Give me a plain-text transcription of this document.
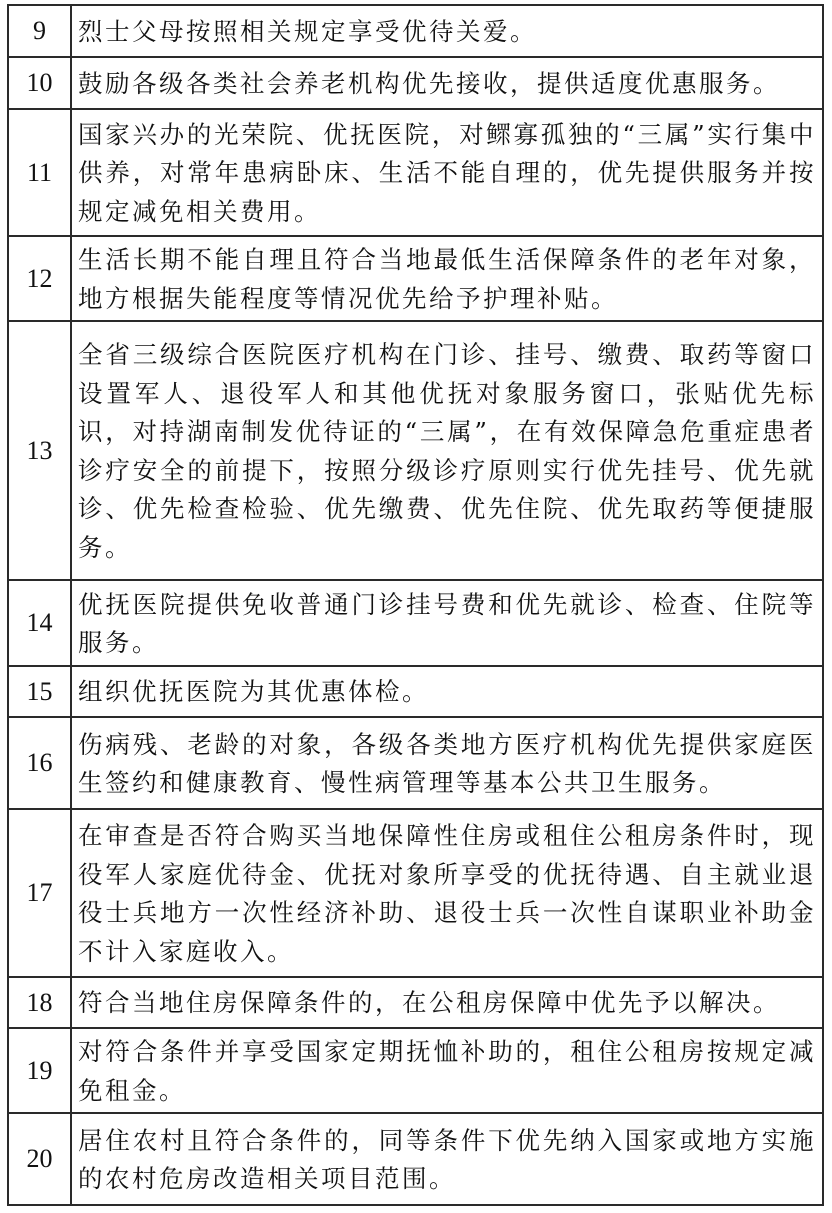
9	烈士父母按照相关规定享受优待关爱。
10	鼓励各级各类社会养老机构优先接收，提供适度优惠服务。
11	国家兴办的光荣院、优抚医院，对鳏寡孤独的“三属”实行集中供养，对常年患病卧床、生活不能自理的，优先提供服务并按规定减免相关费用。
12	生活长期不能自理且符合当地最低生活保障条件的老年对象，地方根据失能程度等情况优先给予护理补贴。
13	全省三级综合医院医疗机构在门诊、挂号、缴费、取药等窗口设置军人、退役军人和其他优抚对象服务窗口，张贴优先标识，对持湖南制发优待证的“三属”，在有效保障急危重症患者诊疗安全的前提下，按照分级诊疗原则实行优先挂号、优先就诊、优先检查检验、优先缴费、优先住院、优先取药等便捷服务。
14	优抚医院提供免收普通门诊挂号费和优先就诊、检查、住院等服务。
15	组织优抚医院为其优惠体检。
16	伤病残、老龄的对象，各级各类地方医疗机构优先提供家庭医生签约和健康教育、慢性病管理等基本公共卫生服务。
17	在审查是否符合购买当地保障性住房或租住公租房条件时，现役军人家庭优待金、优抚对象所享受的优抚待遇、自主就业退役士兵地方一次性经济补助、退役士兵一次性自谋职业补助金不计入家庭收入。
18	符合当地住房保障条件的，在公租房保障中优先予以解决。
19	对符合条件并享受国家定期抚恤补助的，租住公租房按规定减免租金。
20	居住农村且符合条件的，同等条件下优先纳入国家或地方实施的农村危房改造相关项目范围。
